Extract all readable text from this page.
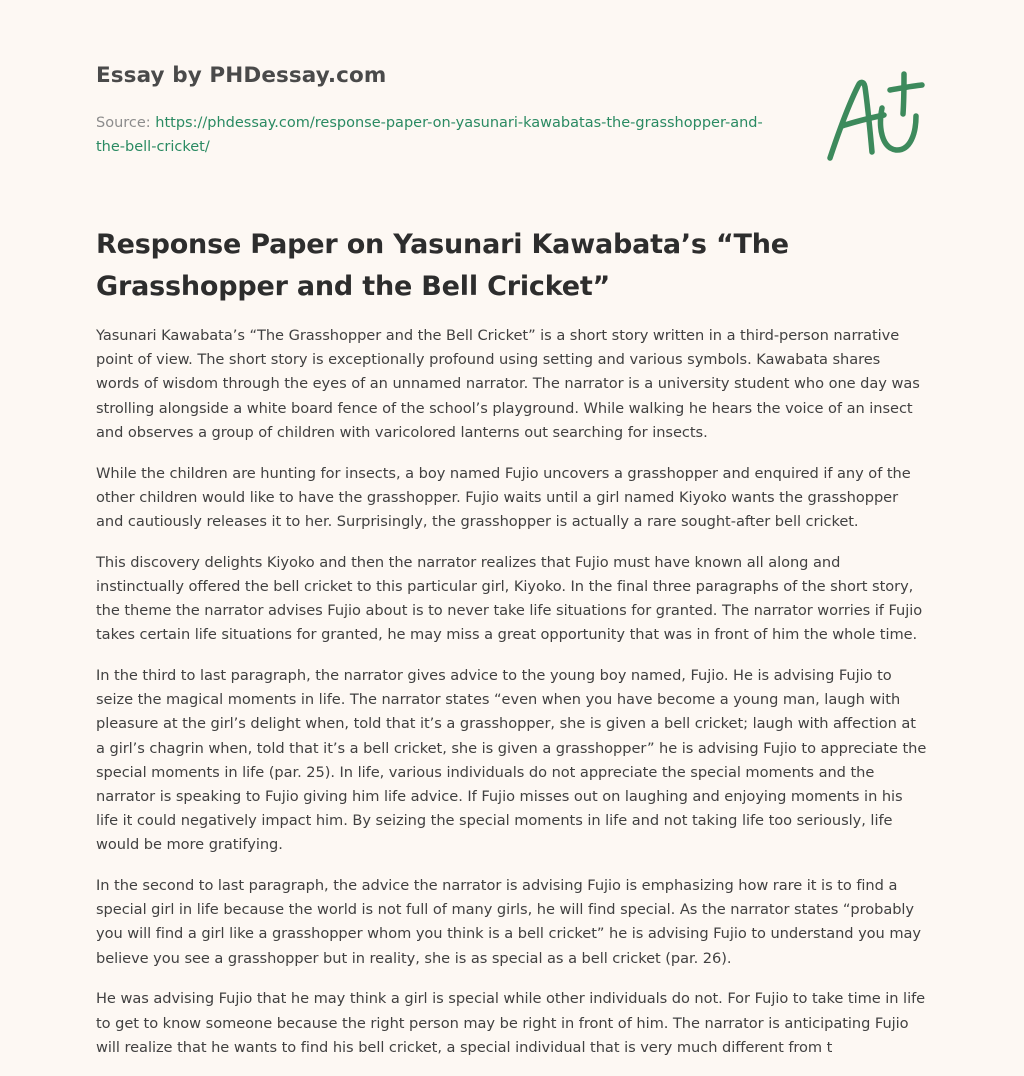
Essay by PHDessay.com
Source: https://phdessay.com/response-paper-on-yasunari-kawabatas-the-grasshopper-and-the-bell-cricket/
Response Paper on Yasunari Kawabata’s “The Grasshopper and the Bell Cricket”

Yasunari Kawabata’s “The Grasshopper and the Bell Cricket” is a short story written in a third-person narrative point of view. The short story is exceptionally profound using setting and various symbols. Kawabata shares words of wisdom through the eyes of an unnamed narrator. The narrator is a university student who one day was strolling alongside a white board fence of the school’s playground. While walking he hears the voice of an insect and observes a group of children with varicolored lanterns out searching for insects.

While the children are hunting for insects, a boy named Fujio uncovers a grasshopper and enquired if any of the other children would like to have the grasshopper. Fujio waits until a girl named Kiyoko wants the grasshopper and cautiously releases it to her. Surprisingly, the grasshopper is actually a rare sought-after bell cricket.

This discovery delights Kiyoko and then the narrator realizes that Fujio must have known all along and instinctually offered the bell cricket to this particular girl, Kiyoko. In the final three paragraphs of the short story, the theme the narrator advises Fujio about is to never take life situations for granted. The narrator worries if Fujio takes certain life situations for granted, he may miss a great opportunity that was in front of him the whole time.

In the third to last paragraph, the narrator gives advice to the young boy named, Fujio. He is advising Fujio to seize the magical moments in life. The narrator states “even when you have become a young man, laugh with pleasure at the girl’s delight when, told that it’s a grasshopper, she is given a bell cricket; laugh with affection at a girl’s chagrin when, told that it’s a bell cricket, she is given a grasshopper” he is advising Fujio to appreciate the special moments in life (par. 25). In life, various individuals do not appreciate the special moments and the narrator is speaking to Fujio giving him life advice. If Fujio misses out on laughing and enjoying moments in his life it could negatively impact him. By seizing the special moments in life and not taking life too seriously, life would be more gratifying.

In the second to last paragraph, the advice the narrator is advising Fujio is emphasizing how rare it is to find a special girl in life because the world is not full of many girls, he will find special. As the narrator states “probably you will find a girl like a grasshopper whom you think is a bell cricket” he is advising Fujio to understand you may believe you see a grasshopper but in reality, she is as special as a bell cricket (par. 26).

He was advising Fujio that he may think a girl is special while other individuals do not. For Fujio to take time in life to get to know someone because the right person may be right in front of him. The narrator is anticipating Fujio will realize that he wants to find his bell cricket, a special individual that is very much different from t
